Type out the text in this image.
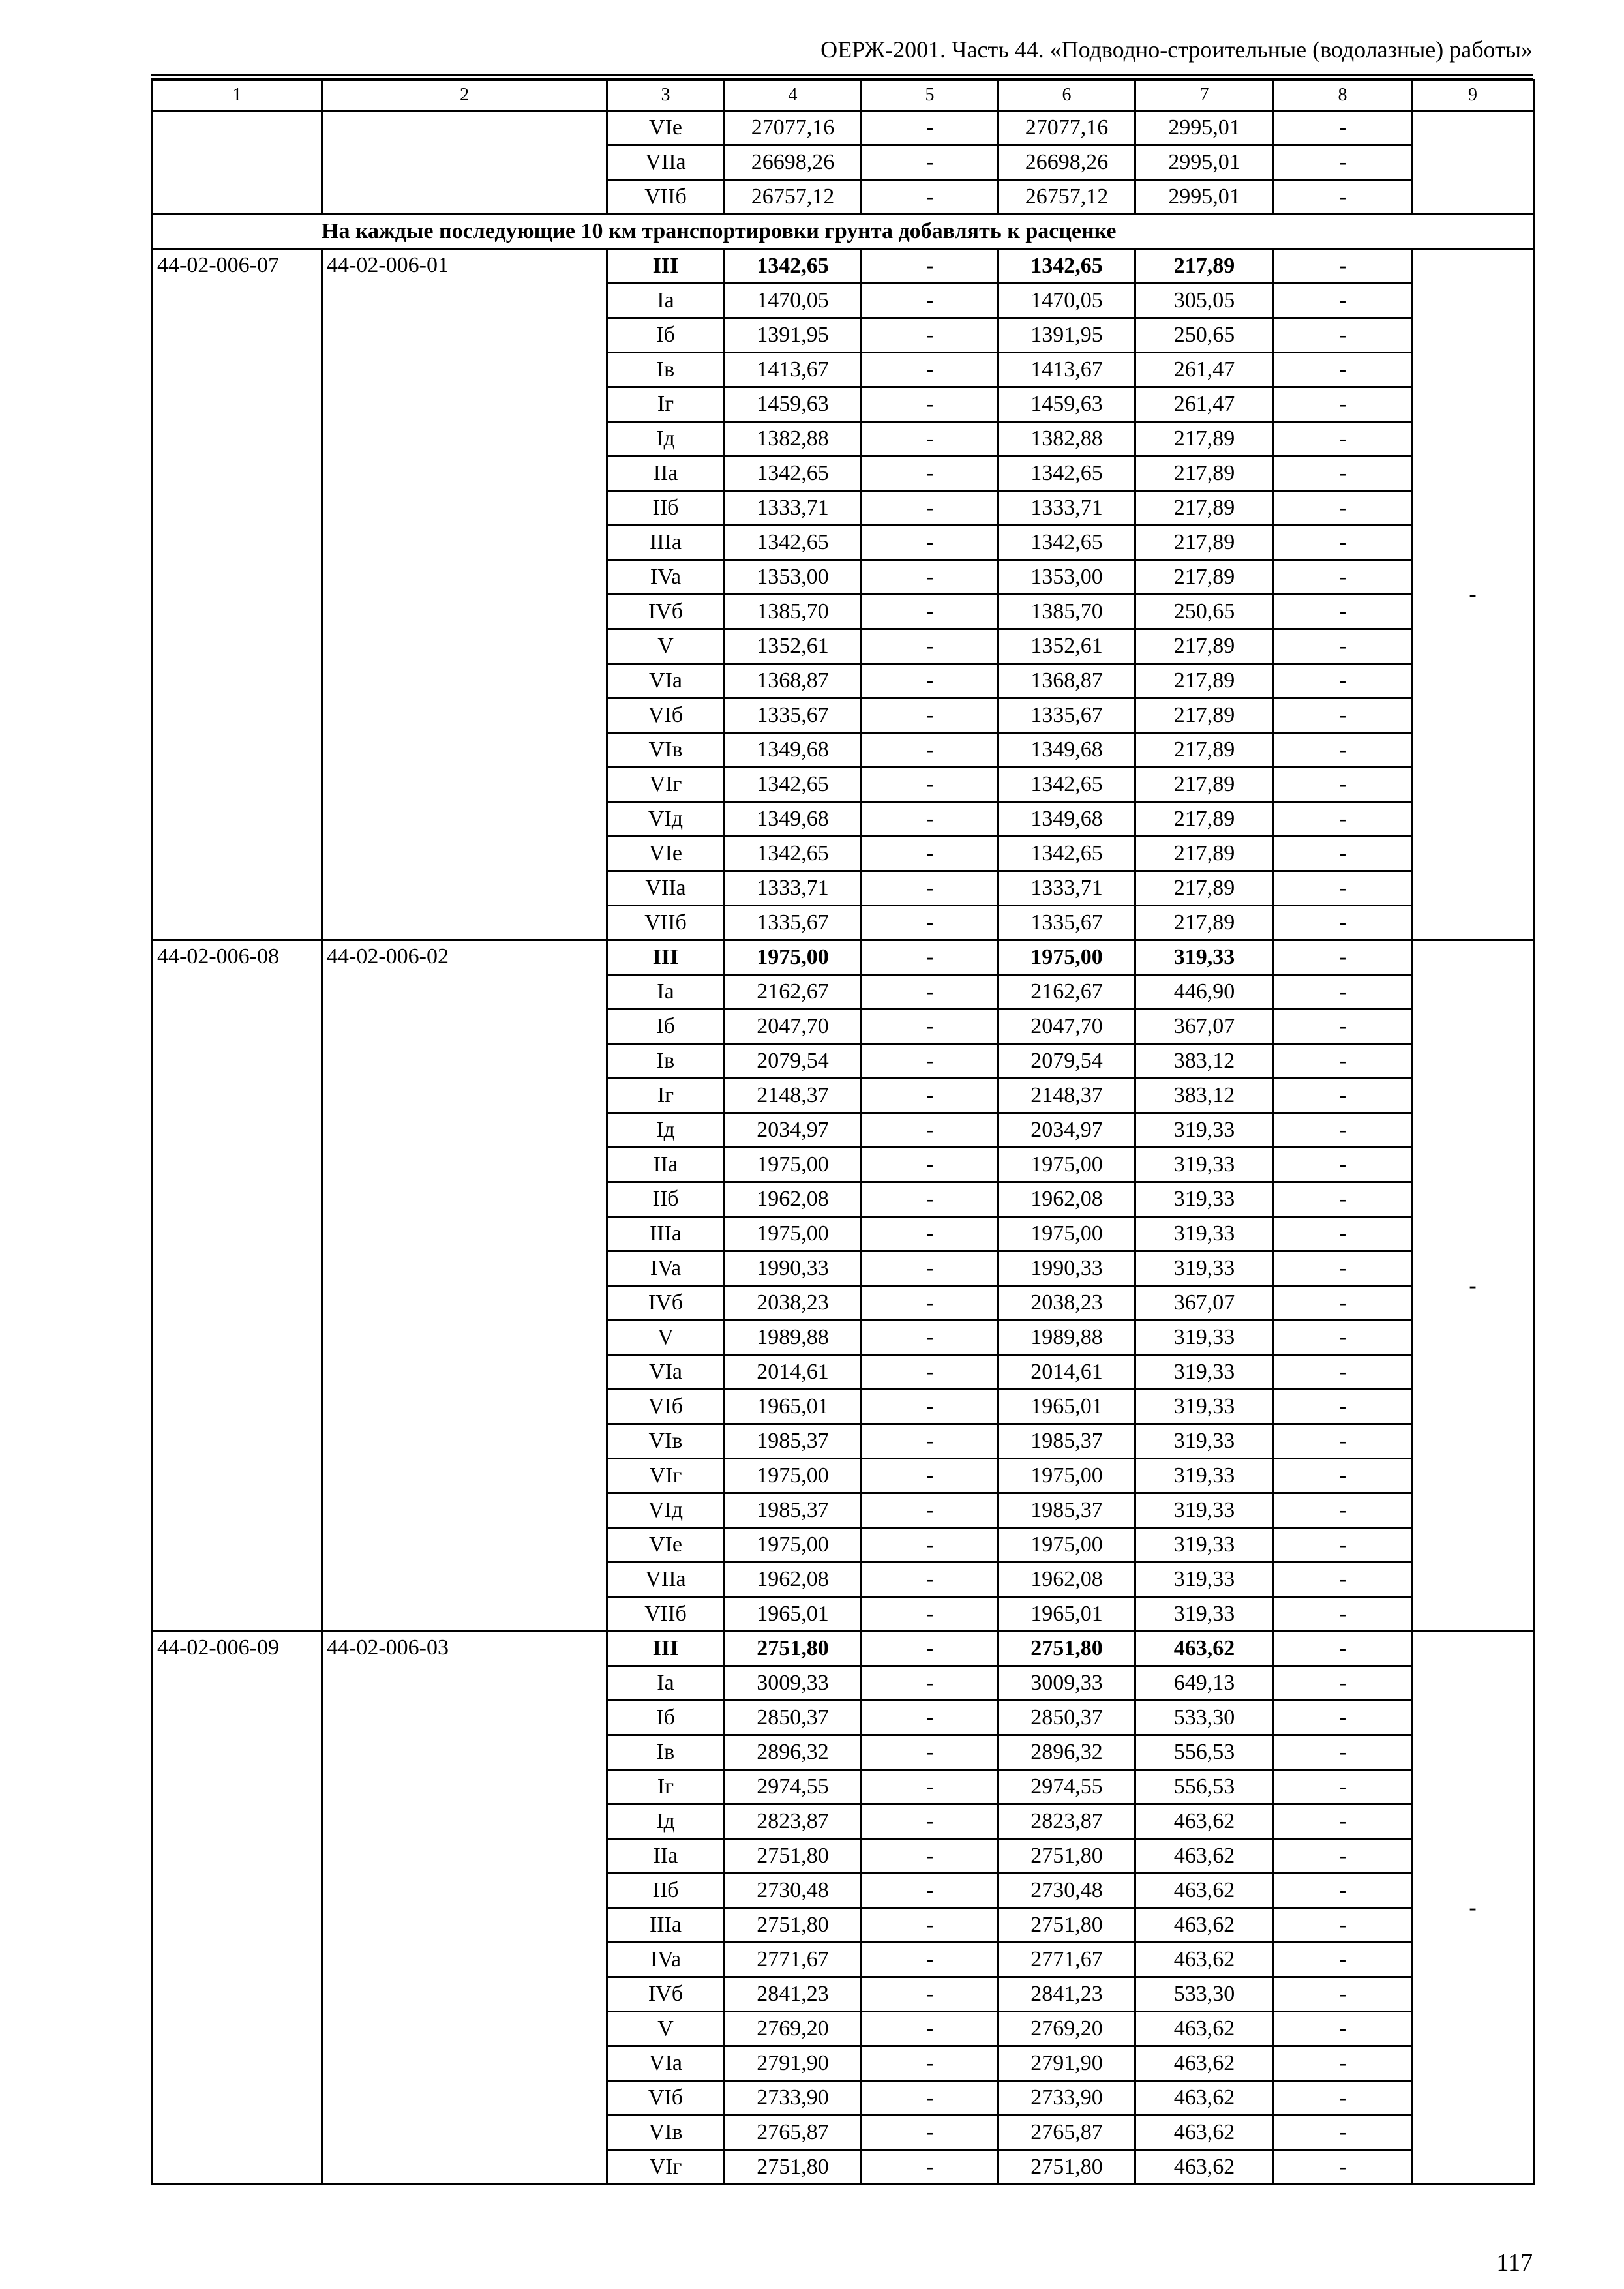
ОЕРЖ-2001. Часть 44. «Подводно-строительные (водолазные) работы»
1	2	3	4	5	6	7	8	9
		VIe	27077,16	-	27077,16	2995,01	-	
		VIIa	26698,26	-	26698,26	2995,01	-	
		VIIб	26757,12	-	26757,12	2995,01	-	
На каждые последующие 10 км транспортировки грунта добавлять к расценке								
44-02-006-07	44-02-006-01	III	1342,65	-	1342,65	217,89	-	-
		Ia	1470,05	-	1470,05	305,05	-	
		Iб	1391,95	-	1391,95	250,65	-	
		Iв	1413,67	-	1413,67	261,47	-	
		Iг	1459,63	-	1459,63	261,47	-	
		Iд	1382,88	-	1382,88	217,89	-	
		IIa	1342,65	-	1342,65	217,89	-	
		IIб	1333,71	-	1333,71	217,89	-	
		IIIa	1342,65	-	1342,65	217,89	-	
		IVa	1353,00	-	1353,00	217,89	-	
		IVб	1385,70	-	1385,70	250,65	-	
		V	1352,61	-	1352,61	217,89	-	
		VIa	1368,87	-	1368,87	217,89	-	
		VIб	1335,67	-	1335,67	217,89	-	
		VIв	1349,68	-	1349,68	217,89	-	
		VIг	1342,65	-	1342,65	217,89	-	
		VIд	1349,68	-	1349,68	217,89	-	
		VIe	1342,65	-	1342,65	217,89	-	
		VIIa	1333,71	-	1333,71	217,89	-	
		VIIб	1335,67	-	1335,67	217,89	-	
44-02-006-08	44-02-006-02	III	1975,00	-	1975,00	319,33	-	-
		Ia	2162,67	-	2162,67	446,90	-	
		Iб	2047,70	-	2047,70	367,07	-	
		Iв	2079,54	-	2079,54	383,12	-	
		Iг	2148,37	-	2148,37	383,12	-	
		Iд	2034,97	-	2034,97	319,33	-	
		IIa	1975,00	-	1975,00	319,33	-	
		IIб	1962,08	-	1962,08	319,33	-	
		IIIa	1975,00	-	1975,00	319,33	-	
		IVa	1990,33	-	1990,33	319,33	-	
		IVб	2038,23	-	2038,23	367,07	-	
		V	1989,88	-	1989,88	319,33	-	
		VIa	2014,61	-	2014,61	319,33	-	
		VIб	1965,01	-	1965,01	319,33	-	
		VIв	1985,37	-	1985,37	319,33	-	
		VIг	1975,00	-	1975,00	319,33	-	
		VIд	1985,37	-	1985,37	319,33	-	
		VIe	1975,00	-	1975,00	319,33	-	
		VIIa	1962,08	-	1962,08	319,33	-	
		VIIб	1965,01	-	1965,01	319,33	-	
44-02-006-09	44-02-006-03	III	2751,80	-	2751,80	463,62	-	-
		Ia	3009,33	-	3009,33	649,13	-	
		Iб	2850,37	-	2850,37	533,30	-	
		Iв	2896,32	-	2896,32	556,53	-	
		Iг	2974,55	-	2974,55	556,53	-	
		Iд	2823,87	-	2823,87	463,62	-	
		IIa	2751,80	-	2751,80	463,62	-	
		IIб	2730,48	-	2730,48	463,62	-	
		IIIa	2751,80	-	2751,80	463,62	-	
		IVa	2771,67	-	2771,67	463,62	-	
		IVб	2841,23	-	2841,23	533,30	-	
		V	2769,20	-	2769,20	463,62	-	
		VIa	2791,90	-	2791,90	463,62	-	
		VIб	2733,90	-	2733,90	463,62	-	
		VIв	2765,87	-	2765,87	463,62	-	
		VIг	2751,80	-	2751,80	463,62	-	
117
